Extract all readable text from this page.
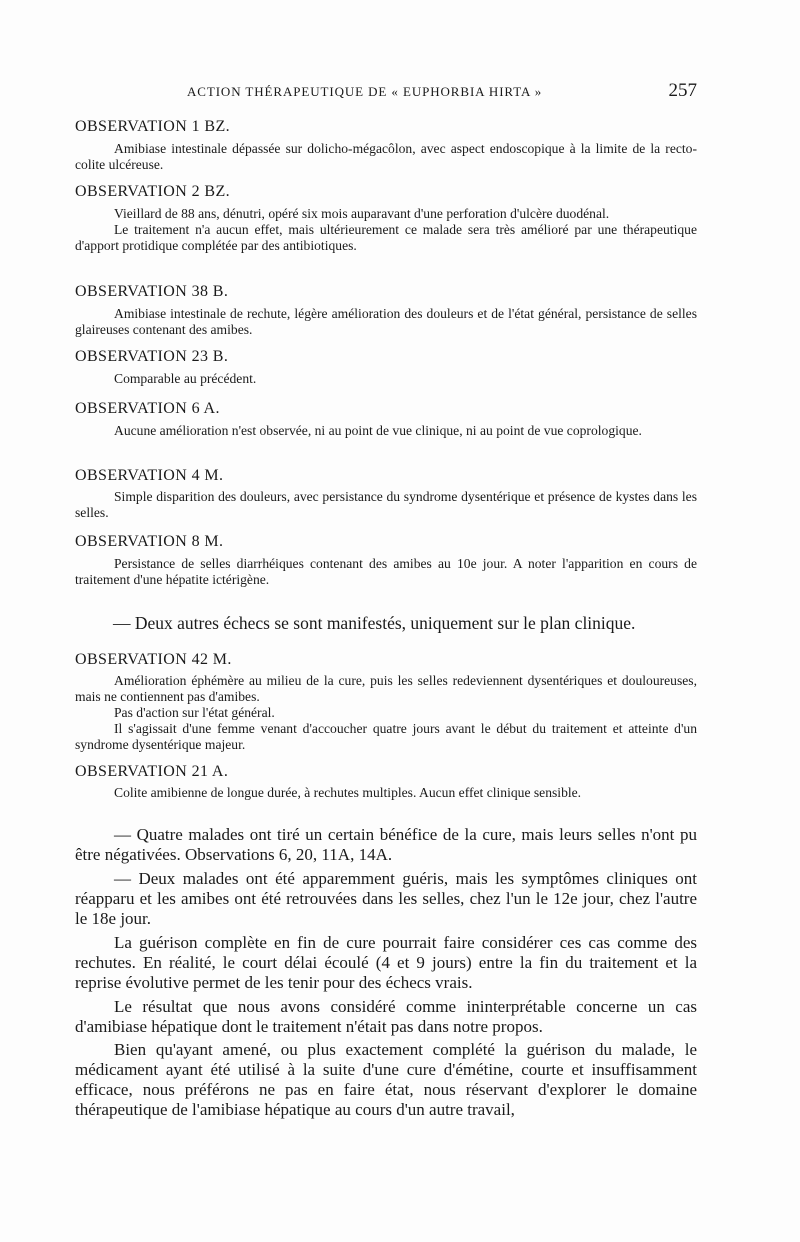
ACTION THÉRAPEUTIQUE DE « EUPHORBIA HIRTA »	257
OBSERVATION 1 BZ.

Amibiase intestinale dépassée sur dolicho-mégacôlon, avec aspect endoscopique à la limite de la recto-colite ulcéreuse.

OBSERVATION 2 BZ.

Vieillard de 88 ans, dénutri, opéré six mois auparavant d'une perforation d'ulcère duodénal.

Le traitement n'a aucun effet, mais ultérieurement ce malade sera très amélioré par une thérapeutique d'apport protidique complétée par des antibiotiques.

OBSERVATION 38 B.

Amibiase intestinale de rechute, légère amélioration des douleurs et de l'état général, persistance de selles glaireuses contenant des amibes.

OBSERVATION 23 B.

Comparable au précédent.

OBSERVATION 6 A.

Aucune amélioration n'est observée, ni au point de vue clinique, ni au point de vue coprologique.

OBSERVATION 4 M.

Simple disparition des douleurs, avec persistance du syndrome dysentérique et présence de kystes dans les selles.

OBSERVATION 8 M.

Persistance de selles diarrhéiques contenant des amibes au 10e jour. A noter l'apparition en cours de traitement d'une hépatite ictérigène.

— Deux autres échecs se sont manifestés, uniquement sur le plan clinique.
OBSERVATION 42 M.

Amélioration éphémère au milieu de la cure, puis les selles redeviennent dysentériques et douloureuses, mais ne contiennent pas d'amibes.

Pas d'action sur l'état général.

Il s'agissait d'une femme venant d'accoucher quatre jours avant le début du traitement et atteinte d'un syndrome dysentérique majeur.

OBSERVATION 21 A.

Colite amibienne de longue durée, à rechutes multiples. Aucun effet clinique sensible.

— Quatre malades ont tiré un certain bénéfice de la cure, mais leurs selles n'ont pu être négativées. Observations 6, 20, 11A, 14A.

— Deux malades ont été apparemment guéris, mais les symptômes cliniques ont réapparu et les amibes ont été retrouvées dans les selles, chez l'un le 12e jour, chez l'autre le 18e jour.

La guérison complète en fin de cure pourrait faire considérer ces cas comme des rechutes. En réalité, le court délai écoulé (4 et 9 jours) entre la fin du traitement et la reprise évolutive permet de les tenir pour des échecs vrais.

Le résultat que nous avons considéré comme ininterprétable concerne un cas d'amibiase hépatique dont le traitement n'était pas dans notre propos.

Bien qu'ayant amené, ou plus exactement complété la guérison du malade, le médicament ayant été utilisé à la suite d'une cure d'émétine, courte et insuffisamment efficace, nous préférons ne pas en faire état, nous réservant d'explorer le domaine thérapeutique de l'amibiase hépatique au cours d'un autre travail,
